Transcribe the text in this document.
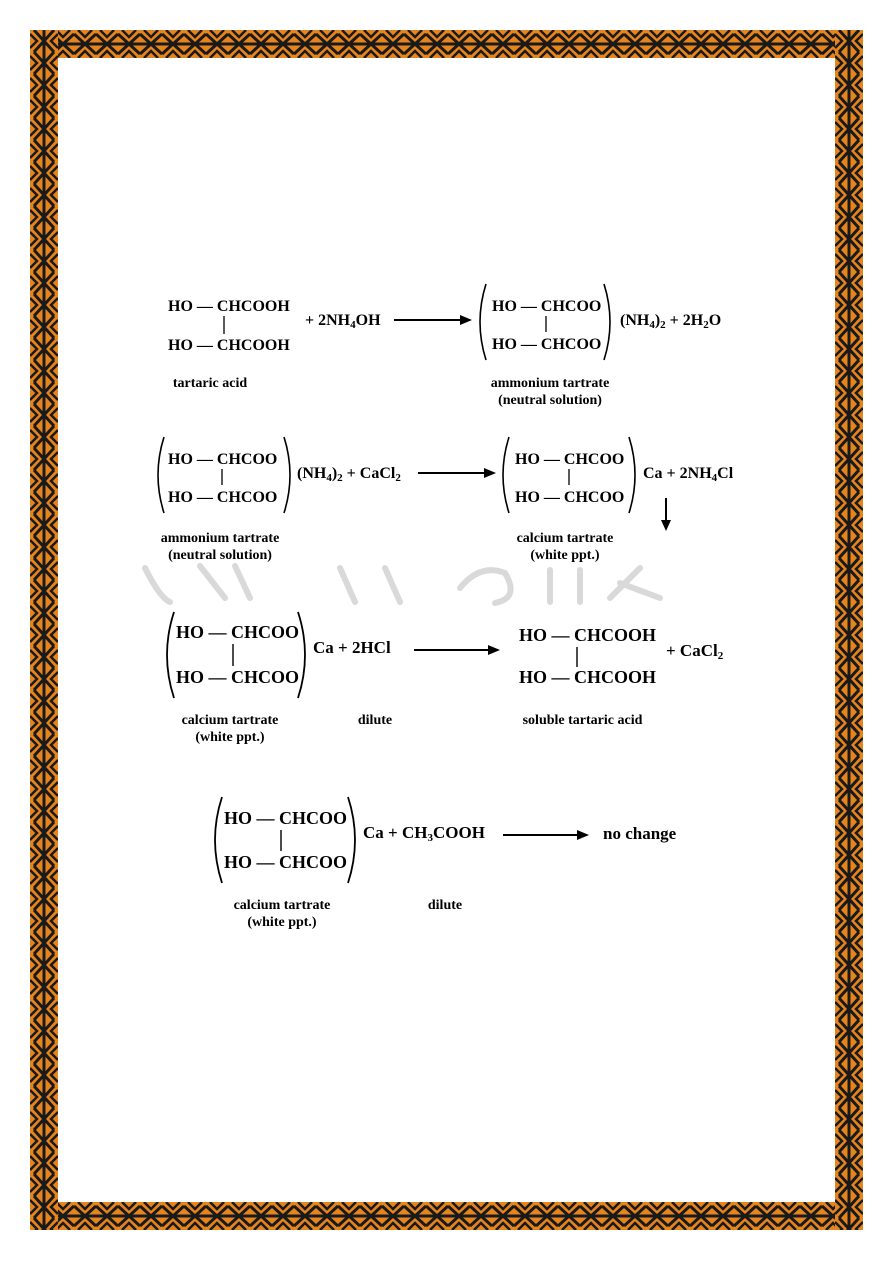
HO — CHCOOH
HO — CHCOOH
+ $2NH_4OH$
HO — CHCOO
HO — CHCOO
$(NH_4)_2 + 2H_2O$
tartaric acid	ammonium tartrate
(neutral solution)
HO — CHCOO
HO — CHCOO
$(NH_4)_2$ + CaCl$_2$
HO — CHCOO
HO — CHCOO
$Ca + 2NH_4Cl$
ammonium tartrate
(neutral solution)
calcium tartrate
(white ppt.)
HO — CHCOO
HO — CHCOO
Ca + 2HCl
HO — CHCOOH
HO — CHCOOH
+ CaCl$_2$
calcium tartrate
(white ppt.)
dilute	soluble tartaric acid
HO — CHCOO
HO — CHCOO
$Ca + CH_3COOH$	no change
calcium tartrate
(white ppt.)
dilute
